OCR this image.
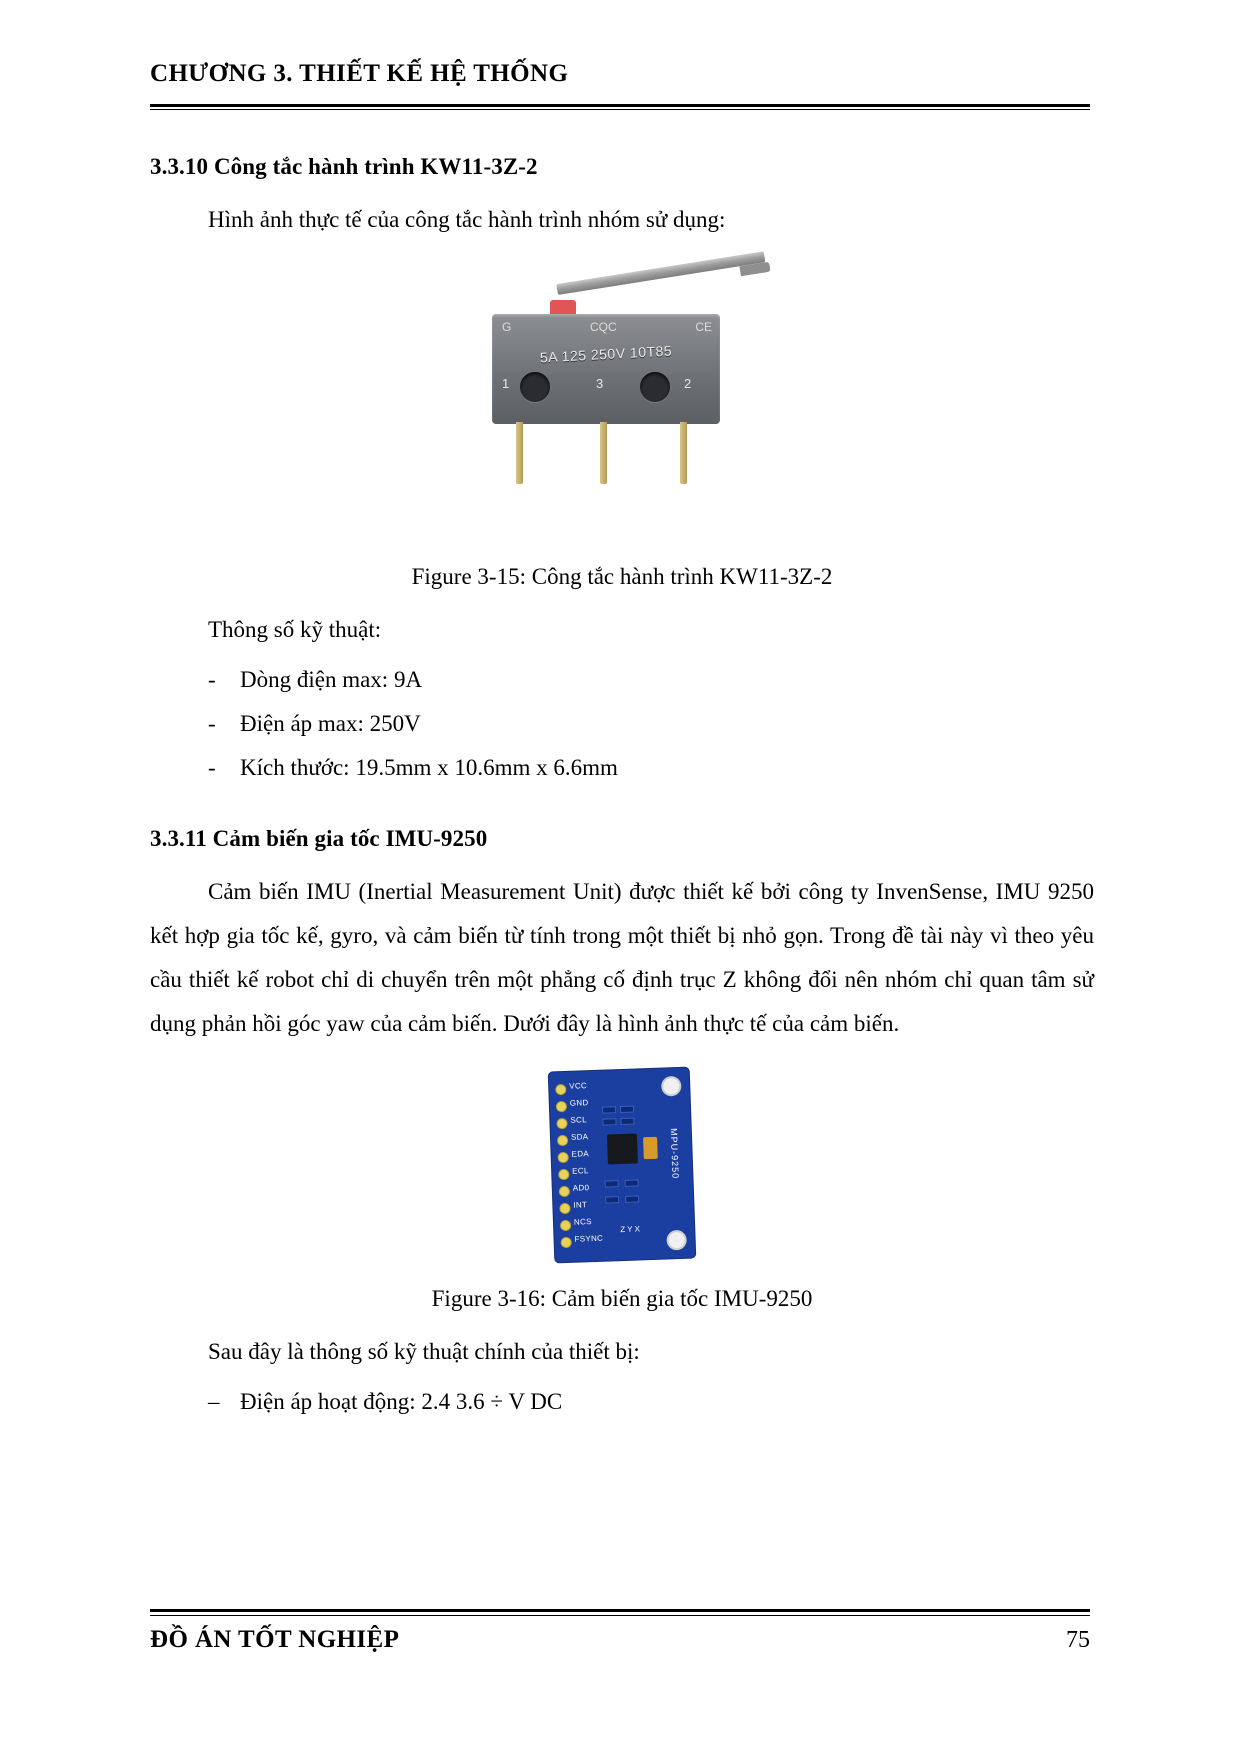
CHƯƠNG 3. THIẾT KẾ HỆ THỐNG
3.3.10 Công tắc hành trình KW11-3Z-2
Hình ảnh thực tế của công tắc hành trình nhóm sử dụng:
G	CQC	CE
5A 125 250V 10T85
1	3	2
Figure 3-15: Công tắc hành trình KW11-3Z-2
Thông số kỹ thuật:
- Dòng điện max: 9A
- Điện áp max: 250V
- Kích thước: 19.5mm x 10.6mm x 6.6mm
3.3.11 Cảm biến gia tốc IMU-9250
Cảm biến IMU (Inertial Measurement Unit) được thiết kế bởi công ty InvenSense, IMU 9250 kết hợp gia tốc kế, gyro, và cảm biến từ tính trong một thiết bị nhỏ gọn. Trong đề tài này vì theo yêu cầu thiết kế robot chỉ di chuyển trên một phẳng cố định trục Z không đổi nên nhóm chỉ quan tâm sử dụng phản hồi góc yaw của cảm biến. Dưới đây là hình ảnh thực tế của cảm biến.
VCC
GND
SCL
SDA
EDA
ECL
AD0
INT
NCS
FSYNC
MPU-9250
Z Y X
Figure 3-16: Cảm biến gia tốc IMU-9250
Sau đây là thông số kỹ thuật chính của thiết bị:
– Điện áp hoạt động: 2.4 3.6 ÷ V DC
ĐỒ ÁN TỐT NGHIỆP	75
